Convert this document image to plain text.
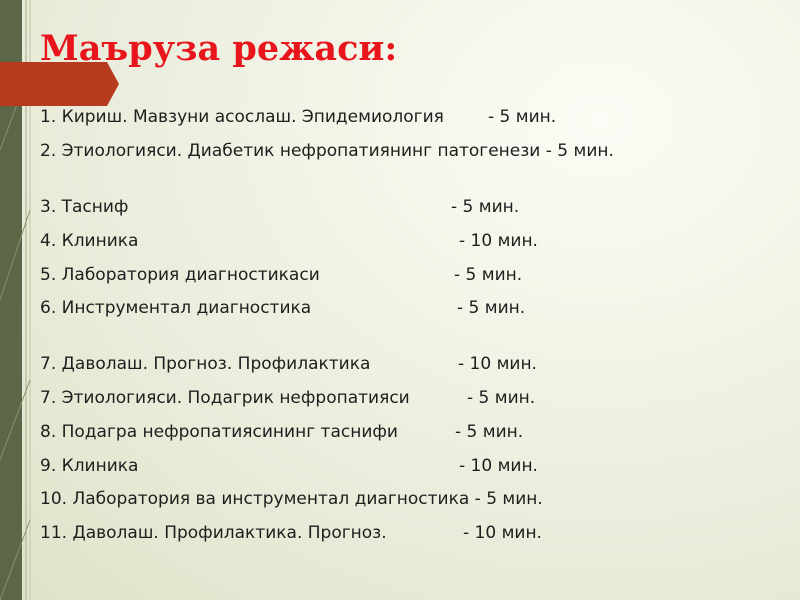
Маъруза режаси:
1. Кириш. Мавзуни асослаш. Эпидемиология	- 5 мин.
2. Этиологияси. Диабетик нефропатиянинг патогенези - 5 мин.
3. Тасниф	- 5 мин.
4. Клиника	- 10 мин.
5. Лаборатория диагностикаси	- 5 мин.
6. Инструментал диагностика	- 5 мин.
7. Даволаш. Прогноз. Профилактика	- 10 мин.
7. Этиологияси. Подагрик нефропатияси	- 5 мин.
8. Подагра нефропатиясининг таснифи	- 5 мин.
9. Клиника	- 10 мин.
10. Лаборатория ва инструментал диагностика - 5 мин.
11. Даволаш. Профилактика. Прогноз.	- 10 мин.
